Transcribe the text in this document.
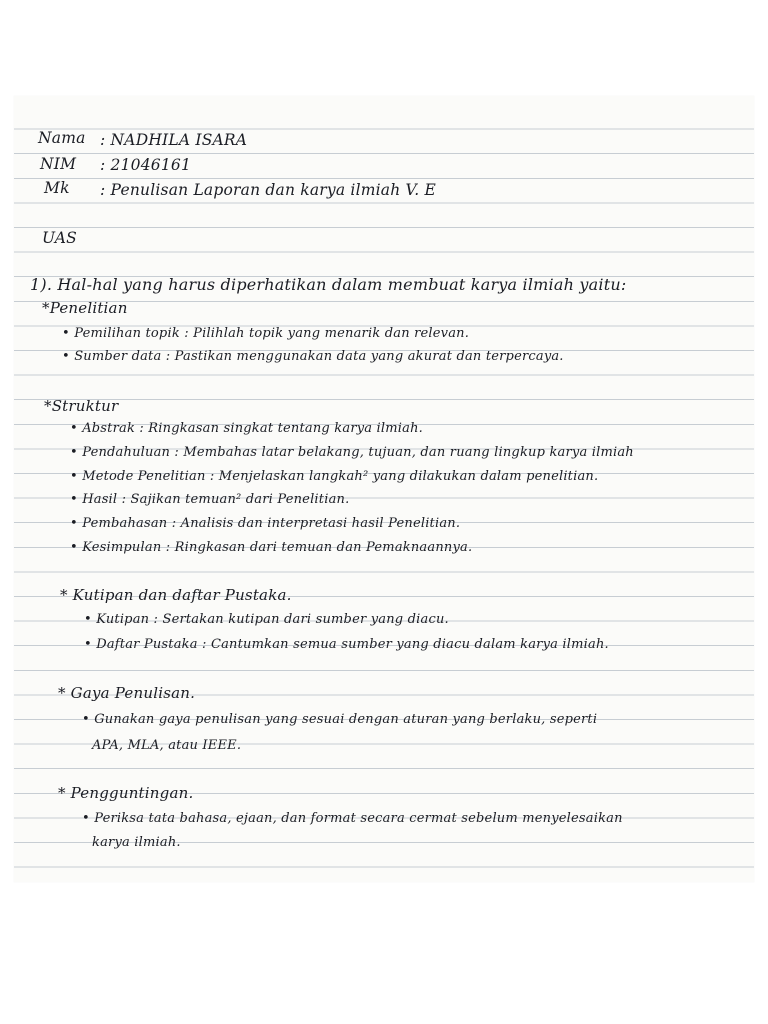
Nama : NADHILA ISARA
NIM : 21046161
Mk : Penulisan Laporan dan karya ilmiah V. E
UAS
1). Hal-hal yang harus diperhatikan dalam membuat karya ilmiah yaitu:
*Penelitian
• Pemilihan topik : Pilihlah topik yang menarik dan relevan.
• Sumber data : Pastikan menggunakan data yang akurat dan terpercaya.
*Struktur
• Abstrak : Ringkasan singkat tentang karya ilmiah.
• Pendahuluan : Membahas latar belakang, tujuan, dan ruang lingkup karya ilmiah
• Metode Penelitian : Menjelaskan langkah² yang dilakukan dalam penelitian.
• Hasil : Sajikan temuan² dari Penelitian.
• Pembahasan : Analisis dan interpretasi hasil Penelitian.
• Kesimpulan : Ringkasan dari temuan dan Pemaknaannya.
* Kutipan dan daftar Pustaka.
• Kutipan : Sertakan kutipan dari sumber yang diacu.
• Daftar Pustaka : Cantumkan semua sumber yang diacu dalam karya ilmiah.
* Gaya Penulisan.
• Gunakan gaya penulisan yang sesuai dengan aturan yang berlaku, seperti
APA, MLA, atau IEEE.
* Pengguntingan.
• Periksa tata bahasa, ejaan, dan format secara cermat sebelum menyelesaikan
karya ilmiah.
